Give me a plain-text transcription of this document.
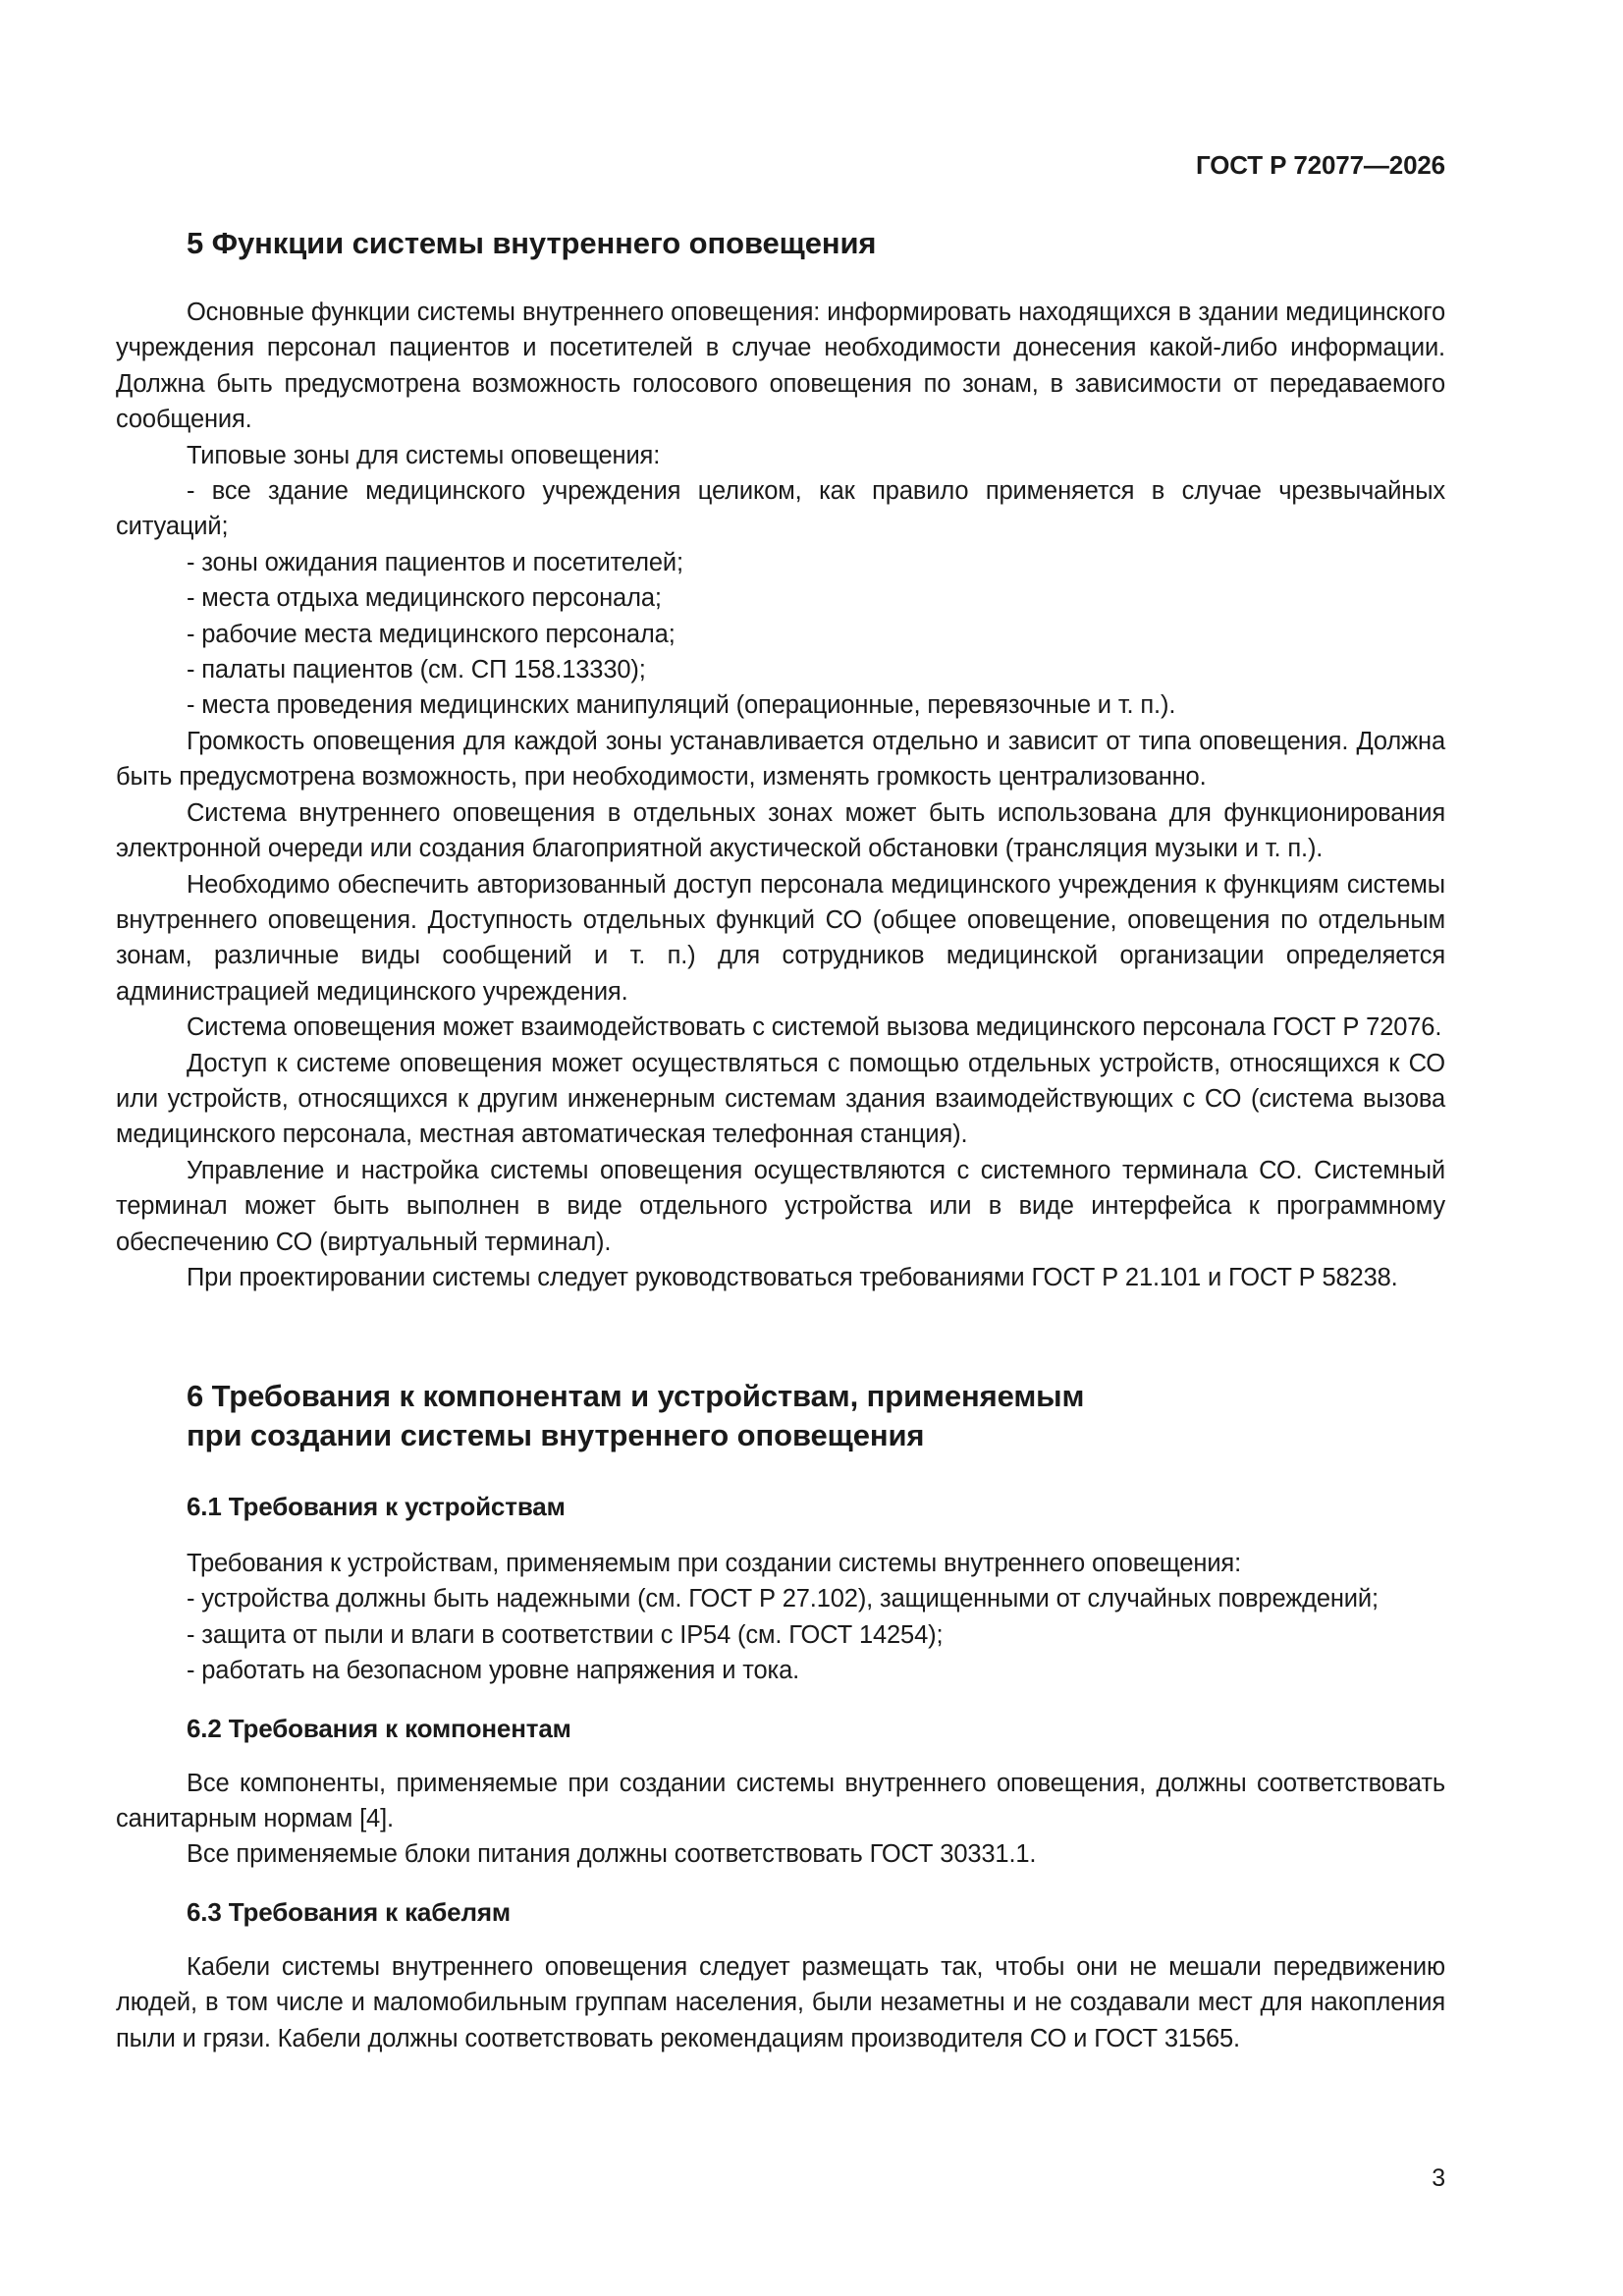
ГОСТ Р 72077—2026
5 Функции системы внутреннего оповещения

Основные функции системы внутреннего оповещения: информировать находящихся в здании медицинского учреждения персонал пациентов и посетителей в случае необходимости донесения какой-либо информации. Должна быть предусмотрена возможность голосового оповещения по зонам, в зависимости от передаваемого сообщения.

Типовые зоны для системы оповещения:

- все здание медицинского учреждения целиком, как правило применяется в случае чрезвычайных ситуаций;

- зоны ожидания пациентов и посетителей;

- места отдыха медицинского персонала;

- рабочие места медицинского персонала;

- палаты пациентов (см. СП 158.13330);

- места проведения медицинских манипуляций (операционные, перевязочные и т. п.).

Громкость оповещения для каждой зоны устанавливается отдельно и зависит от типа оповещения. Должна быть предусмотрена возможность, при необходимости, изменять громкость централизованно.

Система внутреннего оповещения в отдельных зонах может быть использована для функционирования электронной очереди или создания благоприятной акустической обстановки (трансляция музыки и т. п.).

Необходимо обеспечить авторизованный доступ персонала медицинского учреждения к функциям системы внутреннего оповещения. Доступность отдельных функций СО (общее оповещение, оповещения по отдельным зонам, различные виды сообщений и т. п.) для сотрудников медицинской организации определяется администрацией медицинского учреждения.

Система оповещения может взаимодействовать с системой вызова медицинского персонала ГОСТ Р 72076.

Доступ к системе оповещения может осуществляться с помощью отдельных устройств, относящихся к СО или устройств, относящихся к другим инженерным системам здания взаимодействующих с СО (система вызова медицинского персонала, местная автоматическая телефонная станция).

Управление и настройка системы оповещения осуществляются с системного терминала СО. Системный терминал может быть выполнен в виде отдельного устройства или в виде интерфейса к программному обеспечению СО (виртуальный терминал).

При проектировании системы следует руководствоваться требованиями ГОСТ Р 21.101 и ГОСТ Р 58238.

6 Требования к компонентам и устройствам, применяемым
при создании системы внутреннего оповещения
6.1 Требования к устройствам

Требования к устройствам, применяемым при создании системы внутреннего оповещения:

- устройства должны быть надежными (см. ГОСТ Р 27.102), защищенными от случайных повреждений;

- защита от пыли и влаги в соответствии с IP54 (см. ГОСТ 14254);

- работать на безопасном уровне напряжения и тока.

6.2 Требования к компонентам

Все компоненты, применяемые при создании системы внутреннего оповещения, должны соответствовать санитарным нормам [4].

Все применяемые блоки питания должны соответствовать ГОСТ 30331.1.

6.3 Требования к кабелям

Кабели системы внутреннего оповещения следует размещать так, чтобы они не мешали передвижению людей, в том числе и маломобильным группам населения, были незаметны и не создавали мест для накопления пыли и грязи. Кабели должны соответствовать рекомендациям производителя СО и ГОСТ 31565.

3
